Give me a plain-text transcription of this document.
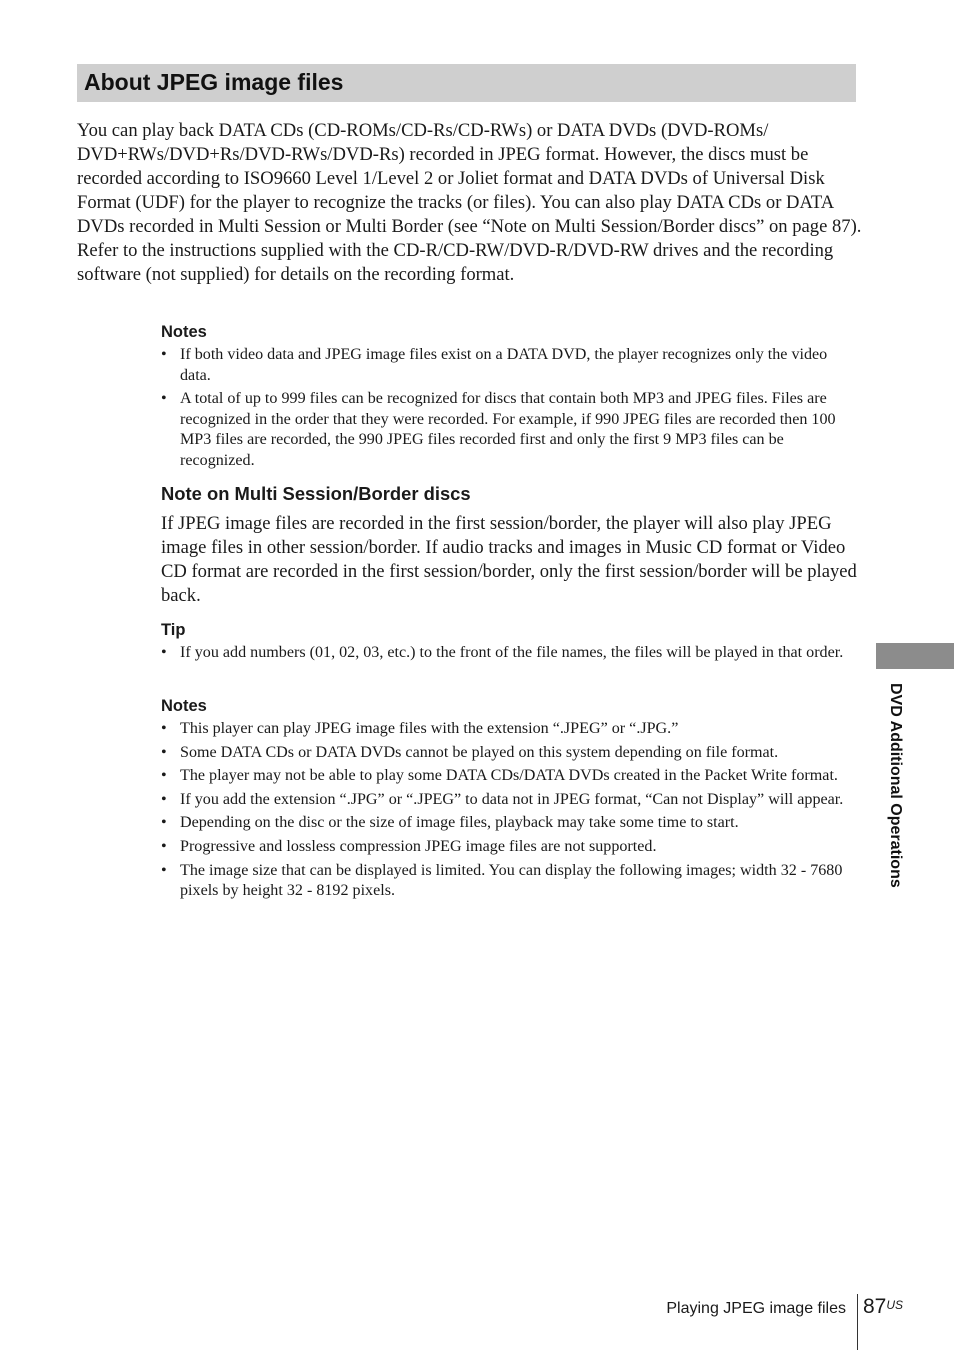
About JPEG image files

You can play back DATA CDs (CD-ROMs/CD-Rs/CD-RWs) or DATA DVDs (DVD-ROMs/ DVD+RWs/DVD+Rs/DVD-RWs/DVD-Rs) recorded in JPEG format. However, the discs must be recorded according to ISO9660 Level 1/Level 2 or Joliet format and DATA DVDs of Universal Disk Format (UDF) for the player to recognize the tracks (or files). You can also play DATA CDs or DATA DVDs recorded in Multi Session or Multi Border (see “Note on Multi Session/Border discs” on page 87).

Refer to the instructions supplied with the CD-R/CD-RW/DVD-R/DVD-RW drives and the recording software (not supplied) for details on the recording format.

Notes
• If both video data and JPEG image files exist on a DATA DVD, the player recognizes only the video data.
• A total of up to 999 files can be recognized for discs that contain both MP3 and JPEG files. Files are recognized in the order that they were recorded. For example, if 990 JPEG files are recorded then 100 MP3 files are recorded, the 990 JPEG files recorded first and only the first 9 MP3 files can be recognized.
Note on Multi Session/Border discs

If JPEG image files are recorded in the first session/border, the player will also play JPEG image files in other session/border. If audio tracks and images in Music CD format or Video CD format are recorded in the first session/border, only the first session/border will be played back.

Tip
• If you add numbers (01, 02, 03, etc.) to the front of the file names, the files will be played in that order.
Notes
• This player can play JPEG image files with the extension “.JPEG” or “.JPG.”
• Some DATA CDs or DATA DVDs cannot be played on this system depending on file format.
• The player may not be able to play some DATA CDs/DATA DVDs created in the Packet Write format.
• If you add the extension “.JPG” or “.JPEG” to data not in JPEG format, “Can not Display” will appear.
• Depending on the disc or the size of image files, playback may take some time to start.
• Progressive and lossless compression JPEG image files are not supported.
• The image size that can be displayed is limited. You can display the following images; width 32 - 7680 pixels by height 32 - 8192 pixels.
DVD Additional Operations
Playing JPEG image files $87^{US}$
